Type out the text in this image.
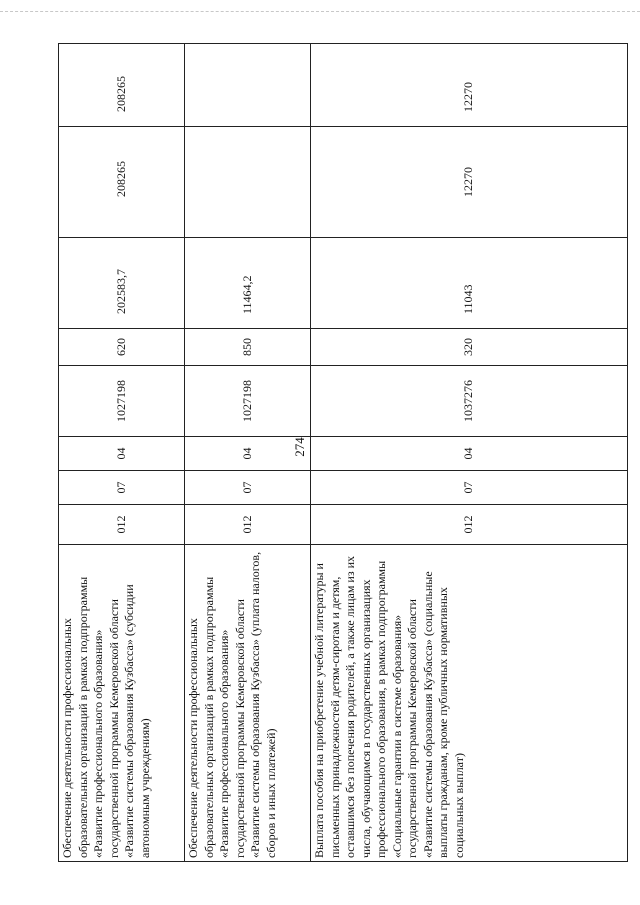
274
Обеспечение деятельности профессиональных образовательных организаций в рамках подпрограммы «Развитие профессионального образования» государственной программы Кемеровской области «Развитие системы образования Кузбасса» (субсидии автономным учреждениям)	012	07	04	1027198	620	202583,7	208265	208265
Обеспечение деятельности профессиональных образовательных организаций в рамках подпрограммы «Развитие профессионального образования» государственной программы Кемеровской области «Развитие системы образования Кузбасса» (уплата налогов, сборов и иных платежей)	012	07	04	1027198	850	11464,2		
Выплата пособия на приобретение учебной литературы и письменных принадлежностей детям-сиротам и детям, оставшимся без попечения родителей, а также лицам из их числа, обучающимся в государственных организациях профессионального образования, в рамках подпрограммы «Социальные гарантии в системе образования» государственной программы Кемеровской области «Развитие системы образования Кузбасса» (социальные выплаты гражданам, кроме публичных нормативных социальных выплат)	012	07	04	1037276	320	11043	12270	12270
